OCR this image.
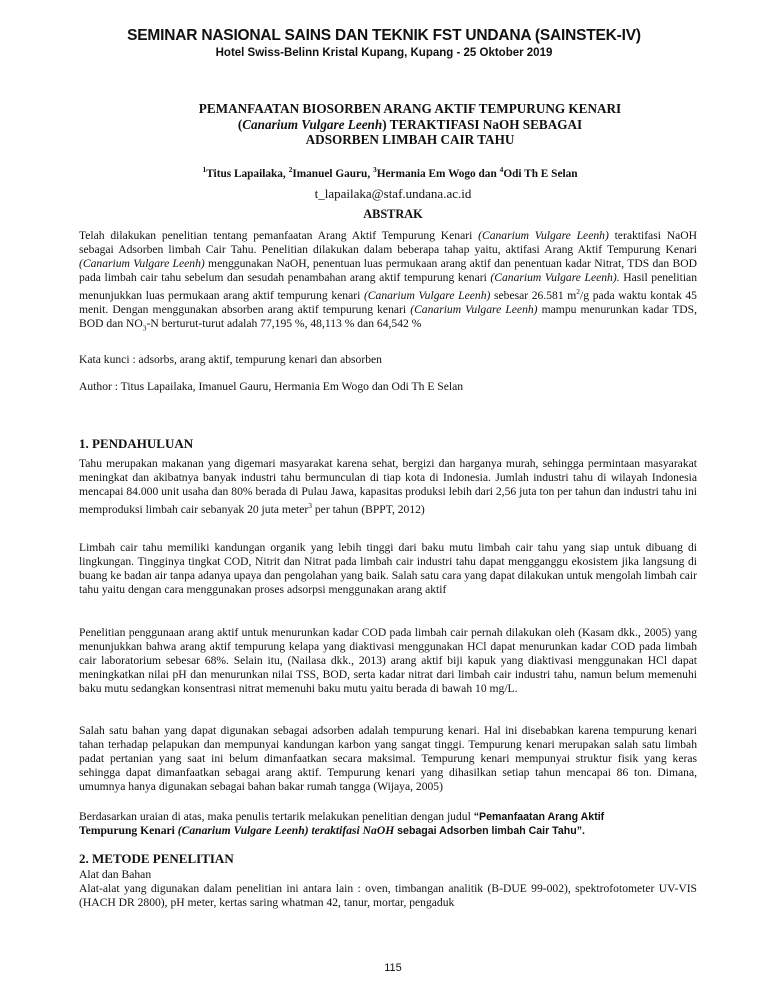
SEMINAR NASIONAL SAINS DAN TEKNIK FST UNDANA (SAINSTEK-IV)
Hotel Swiss-Belinn Kristal Kupang, Kupang - 25 Oktober 2019
PEMANFAATAN BIOSORBEN ARANG AKTIF TEMPURUNG KENARI
(Canarium Vulgare Leenh) TERAKTIFASI NaOH SEBAGAI
ADSORBEN LIMBAH CAIR TAHU
$^1$Titus Lapailaka, $^2$Imanuel Gauru, $^3$Hermania Em Wogo dan $^4$Odi Th E Selan
t_lapailaka@staf.undana.ac.id
ABSTRAK

Telah dilakukan penelitian tentang pemanfaatan Arang Aktif Tempurung Kenari (Canarium Vulgare Leenh) teraktifasi NaOH sebagai Adsorben limbah Cair Tahu. Penelitian dilakukan dalam beberapa tahap yaitu, aktifasi Arang Aktif Tempurung Kenari (Canarium Vulgare Leenh) menggunakan NaOH, penentuan luas permukaan arang aktif dan penentuan kadar Nitrat, TDS dan BOD pada limbah cair tahu sebelum dan sesudah penambahan arang aktif tempurung kenari (Canarium Vulgare Leenh). Hasil penelitian menunjukkan luas permukaan arang aktif tempurung kenari (Canarium Vulgare Leenh) sebesar 26.581 $m^2/g$ pada waktu kontak 45 menit. Dengan menggunakan absorben arang aktif tempurung kenari (Canarium Vulgare Leenh) mampu menurunkan kadar TDS, BOD dan $NO_3-N$ berturut-turut adalah 77,195 %, 48,113 % dan 64,542 %

Kata kunci : adsorbs, arang aktif, tempurung kenari dan absorben

Author : Titus Lapailaka, Imanuel Gauru, Hermania Em Wogo dan Odi Th E Selan

1. PENDAHULUAN

Tahu merupakan makanan yang digemari masyarakat karena sehat, bergizi dan harganya murah, sehingga permintaan masyarakat meningkat dan akibatnya banyak industri tahu bermunculan di tiap kota di Indonesia. Jumlah industri tahu di wilayah Indonesia mencapai 84.000 unit usaha dan 80% berada di Pulau Jawa, kapasitas produksi lebih dari 2,56 juta ton per tahun dan industri tahu ini memproduksi limbah cair sebanyak 20 juta meter$^3$ per tahun (BPPT, 2012)

Limbah cair tahu memiliki kandungan organik yang lebih tinggi dari baku mutu limbah cair tahu yang siap untuk dibuang di lingkungan. Tingginya tingkat COD, Nitrit dan Nitrat pada limbah cair industri tahu dapat mengganggu ekosistem jika langsung di buang ke badan air tanpa adanya upaya dan pengolahan yang baik. Salah satu cara yang dapat dilakukan untuk mengolah limbah cair tahu yaitu dengan cara menggunakan proses adsorpsi menggunakan arang aktif

Penelitian penggunaan arang aktif untuk menurunkan kadar COD pada limbah cair pernah dilakukan oleh (Kasam dkk., 2005) yang menunjukkan bahwa arang aktif tempurung kelapa yang diaktivasi menggunakan HCl dapat menurunkan kadar COD pada limbah cair laboratorium sebesar 68%. Selain itu, (Nailasa dkk., 2013) arang aktif biji kapuk yang diaktivasi menggunakan HCl dapat meningkatkan nilai pH dan menurunkan nilai TSS, BOD, serta kadar nitrat dari limbah cair industri tahu, namun belum memenuhi baku mutu sedangkan konsentrasi nitrat memenuhi baku mutu yaitu berada di bawah 10 mg/L.

Salah satu bahan yang dapat digunakan sebagai adsorben adalah tempurung kenari. Hal ini disebabkan karena tempurung kenari tahan terhadap pelapukan dan mempunyai kandungan karbon yang sangat tinggi. Tempurung kenari merupakan salah satu limbah padat pertanian yang saat ini belum dimanfaatkan secara maksimal. Tempurung kenari mempunyai struktur fisik yang keras sehingga dapat dimanfaatkan sebagai arang aktif. Tempurung kenari yang dihasilkan setiap tahun mencapai 86 ton. Dimana, umumnya hanya digunakan sebagai bahan bakar rumah tangga (Wijaya, 2005)

Berdasarkan uraian di atas, maka penulis tertarik melakukan penelitian dengan judul “Pemanfaatan Arang Aktif
Tempurung Kenari (Canarium Vulgare Leenh) teraktifasi NaOH sebagai Adsorben limbah Cair Tahu”.

2. METODE PENELITIAN

Alat dan Bahan

Alat-alat yang digunakan dalam penelitian ini antara lain : oven, timbangan analitik (B-DUE 99-002), spektrofotometer UV-VIS (HACH DR 2800), pH meter, kertas saring whatman 42, tanur, mortar, pengaduk

115
